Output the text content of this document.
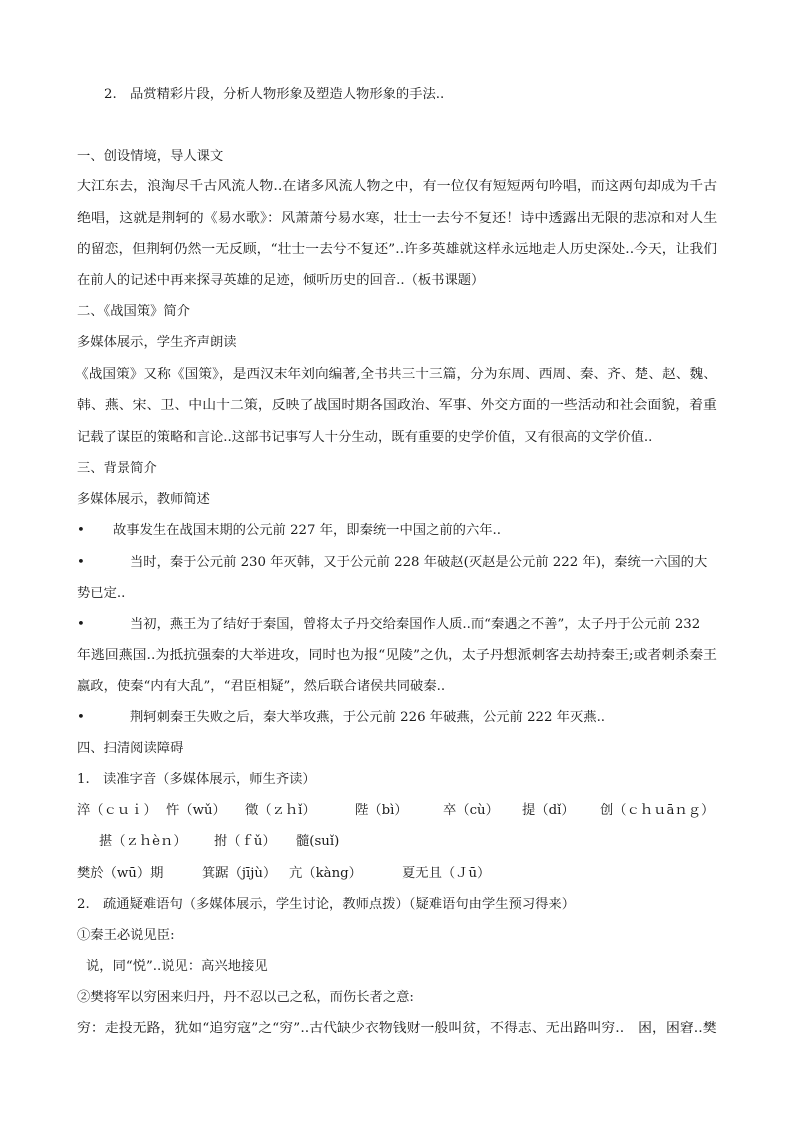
2.　品赏精彩片段，分析人物形象及塑造人物形象的手法..
一、创设情境，导人课文
大江东去，浪淘尽千古风流人物..在诸多风流人物之中，有一位仅有短短两句吟唱，而这两句却成为千古
绝唱，这就是荆轲的《易水歌》：风萧萧兮易水寒，壮士一去兮不复还！诗中透露出无限的悲凉和对人生
的留恋，但荆轲仍然一无反顾，“壮士一去兮不复还”..许多英雄就这样永远地走人历史深处..今天，让我们
在前人的记述中再来探寻英雄的足迹，倾听历史的回音..（板书课题）
二、《战国策》简介
多媒体展示，学生齐声朗读
《战国策》又称《国策》，是西汉末年刘向编著,全书共三十三篇，分为东周、西周、秦、齐、楚、赵、魏、
韩、燕、宋、卫、中山十二策，反映了战国时期各国政治、军事、外交方面的一些活动和社会面貌，着重
记载了谋臣的策略和言论..这部书记事写人十分生动，既有重要的史学价值，又有很高的文学价值..
三、背景简介
多媒体展示，教师简述
• 故事发生在战国末期的公元前 227 年，即秦统一中国之前的六年..
•	当时，秦于公元前 230 年灭韩，又于公元前 228 年破赵(灭赵是公元前 222 年)，秦统一六国的大
势已定..
•	当初，燕王为了结好于秦国，曾将太子丹交给秦国作人质..而“秦遇之不善”，太子丹于公元前 232
年逃回燕国..为抵抗强秦的大举进攻，同时也为报“见陵”之仇，太子丹想派刺客去劫持秦王;或者刺杀秦王
嬴政，使秦“内有大乱”，“君臣相疑”，然后联合诸侯共同破秦..
•	荆轲刺秦王失败之后，秦大举攻燕，于公元前 226 年破燕，公元前 222 年灭燕..
四、扫清阅读障碍
1.　读准字音（多媒体展示，师生齐读）
淬（ｃｕｉ） 忤（wǔ） 徵（ｚｈǐ）	陛（bì）	卒（cù） 提（dǐ） 创（ｃｈｕāｎｇ）
揕（ｚｈèｎ） 拊（ｆǔ） 髓(suǐ)
樊於（wū）期	箕踞（jījù） 亢（kàng）	夏无且（Ｊū）
2.　疏通疑难语句（多媒体展示，学生讨论，教师点拨）（疑难语句由学生预习得来）
①秦王必说见臣:
说，同“悦”..说见：高兴地接见
②樊将军以穷困来归丹，丹不忍以己之私，而伤长者之意:
穷：走投无路，犹如“追穷寇”之“穷”..古代缺少衣物钱财一般叫贫，不得志、无出路叫穷..　困，困窘..樊
